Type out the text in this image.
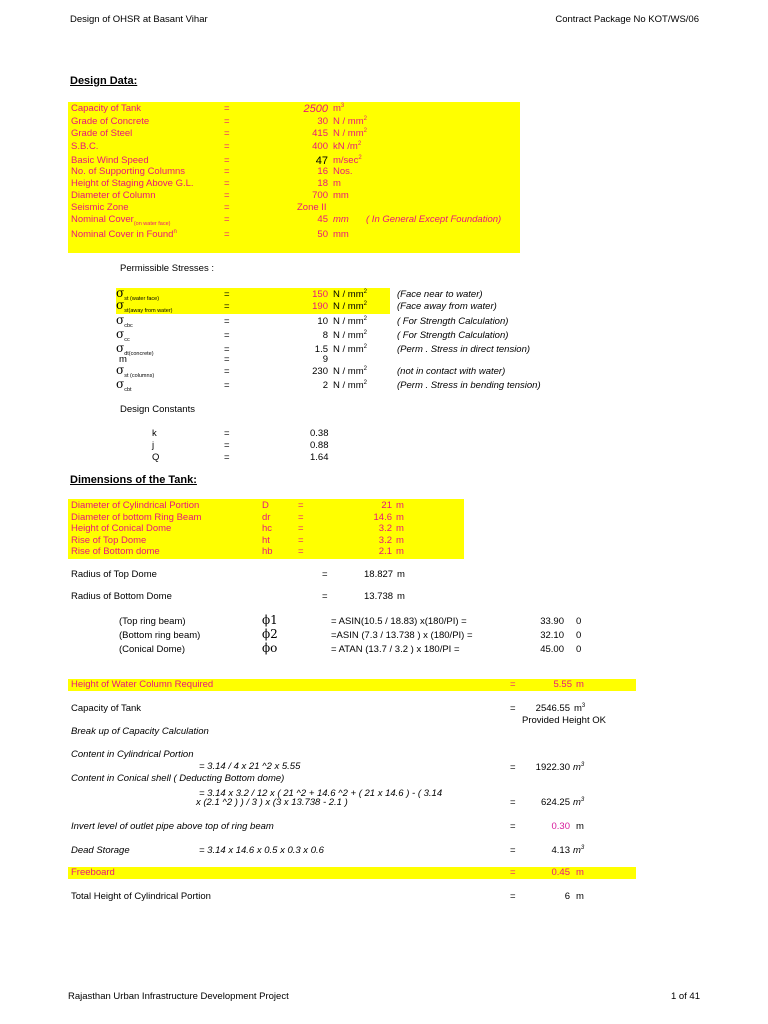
Design of OHSR at Basant Vihar	Contract Package No KOT/WS/06
Rajasthan Urban Infrastructure Development Project	1 of 41
Design Data:
Capacity of Tank	=	2500 $m^3$
Grade of Concrete	=	30 N / $mm^2$
Grade of Steel	=	415 N / $mm^2$
S.B.C.	=	400 kN $/m^2$
Basic Wind Speed	=	47 $m/\sec^2$
No. of Supporting Columns	=	16 Nos.
Height of Staging Above G.L.	=	18 m
Diameter of Column	=	700 mm
Seismic Zone	=	Zone II
Nominal Cover$_{(on water face)}$	=	45 mm ( In General Except Foundation)
Nominal Cover in Found$^n$	=	50 mm
Permissible Stresses :
$\sigma_{st (water face)}$	=	150 N / $mm^2$	(Face near to water)
$\sigma_{st(away from water)}$	=	190 N / $mm^2$	(Face away from water)
$\sigma_{cbc}$	=	10 N / $mm^2$	( For Strength Calculation)
$\sigma_{cc}$	=	8 N / $mm^2$	( For Strength Calculation)
$\sigma_{dt(concrete)}$	=	1.5 N / $mm^2$	(Perm . Stress in direct tension)
m	=	9
$\sigma_{st (columns)}$	=	230 N / $mm^2$	(not in contact with water)
$\sigma_{cbt}$	=	2 N / $mm^2$	(Perm . Stress in bending tension)
Design Constants
k	=	0.38
j	=	0.88
Q	=	1.64
Dimensions of the Tank:
Diameter of Cylindrical Portion	D	=	21 m
Diameter of bottom Ring Beam	dr	=	14.6 m
Height of Conical Dome	hc	=	3.2 m
Rise of Top Dome	ht	=	3.2 m
Rise of Bottom dome	hb	=	2.1 m
Radius of Top Dome	=	18.827 m
Radius of Bottom Dome	=	13.738 m
(Top ring beam)	ϕ1	= ASIN(10.5 / 18.83) x(180/PI) =	33.90 0
(Bottom ring beam)	ϕ2	=ASIN (7.3 / 13.738 ) x (180/PI) =	32.10 0
(Conical Dome)	ϕo	= ATAN (13.7 / 3.2 ) x 180/PI =	45.00 0
Height of Water Column Required	=	5.55 m
Capacity of Tank	=	2546.55 $m^3$
Provided Height OK
Break up of Capacity Calculation
Content in Cylindrical Portion
= 3.14 / 4 x 21 ^2 x 5.55	=	1922.30 $m^3$
Content in Conical shell ( Deducting Bottom dome)
= 3.14 x 3.2 / 12 x ( 21 ^2 + 14.6 ^2 + ( 21 x 14.6 ) - ( 3.14
x (2.1 ^2 ) ) / 3 ) x (3 x 13.738 - 2.1 )	=	624.25 $m^3$
Invert level of outlet pipe above top of ring beam	=	0.30 m
Dead Storage	= 3.14 x 14.6 x 0.5 x 0.3 x 0.6	=	4.13 $m^3$
Freeboard	=	0.45 m
Total Height of Cylindrical Portion	=	6 m
